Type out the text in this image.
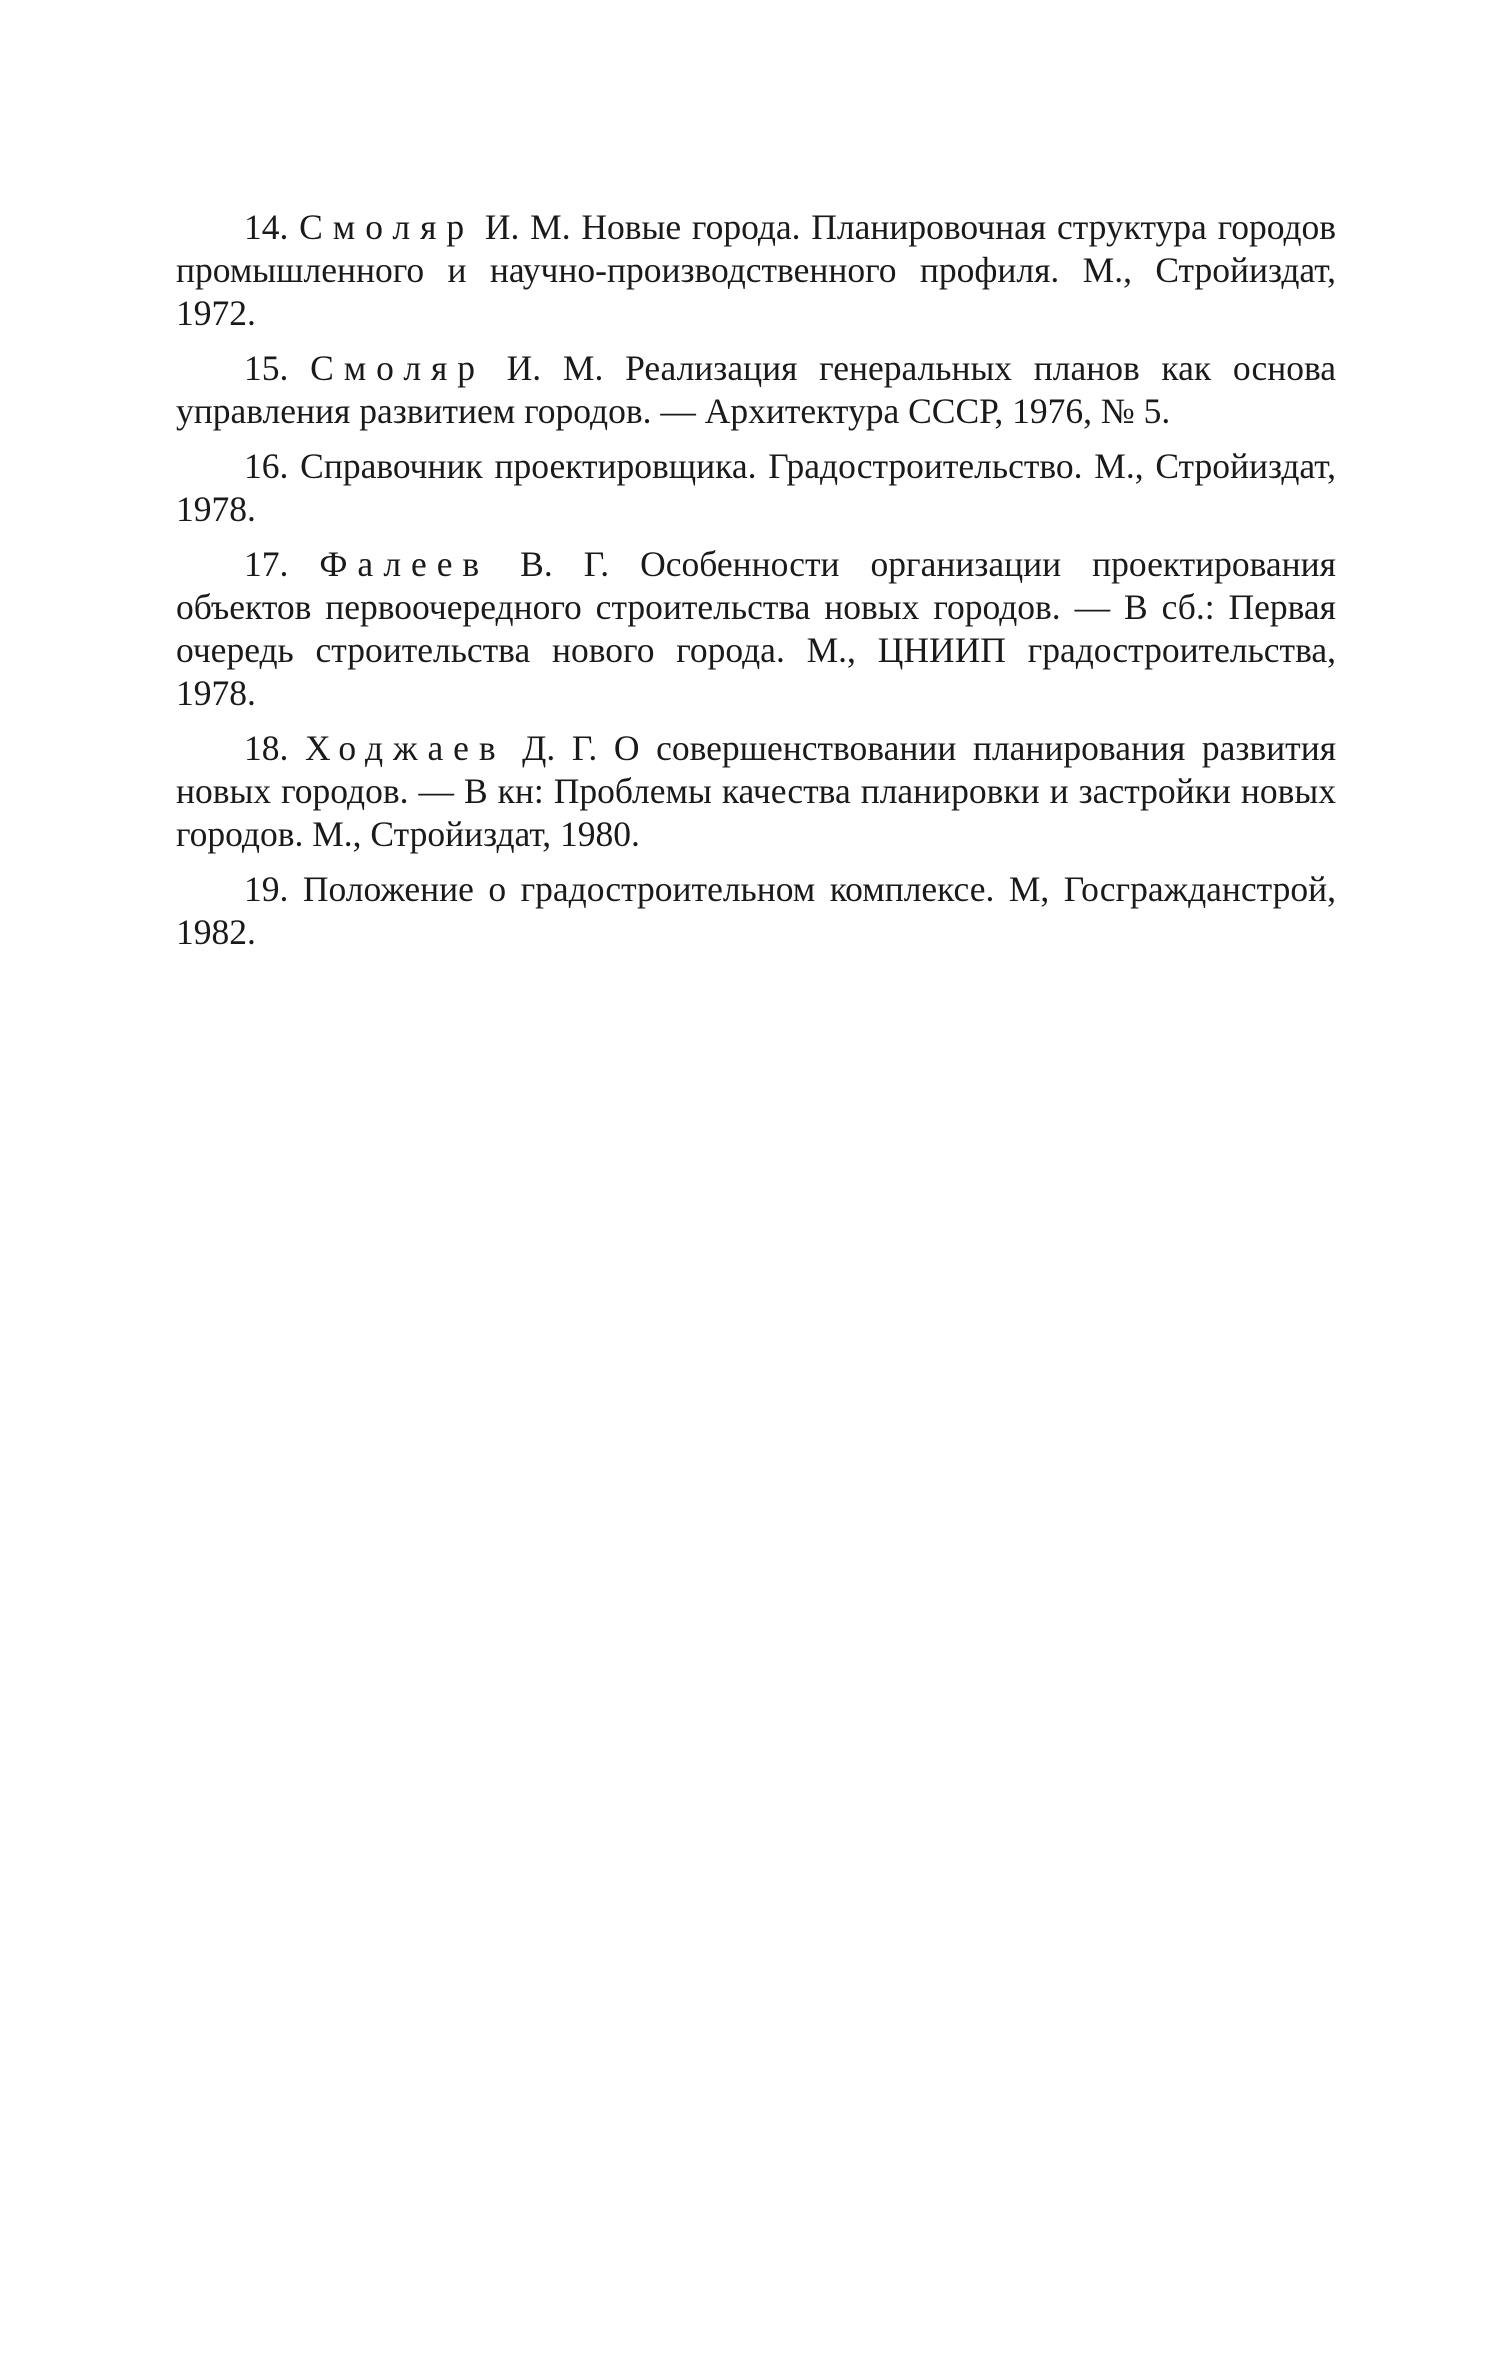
14. Смоляр И. М. Новые города. Планировочная структура городов промышленного и научно-производственного профиля. М., Стройиздат, 1972.

15. Смоляр И. М. Реализация генеральных планов как основа управления развитием городов. — Архитектура СССР, 1976, № 5.

16. Справочник проектировщика. Градостроительство. М., Стройиздат, 1978.

17. Фалеев В. Г. Особенности организации проектирования объектов первоочередного строительства новых городов. — В сб.: Первая очередь строительства нового города. М., ЦНИИП градостроительства, 1978.

18. Ходжаев Д. Г. О совершенствовании планирования развития новых городов. — В кн: Проблемы качества планировки и застройки новых городов. М., Стройиздат, 1980.

19. Положение о градостроительном комплексе. М, Госгражданстрой, 1982.
